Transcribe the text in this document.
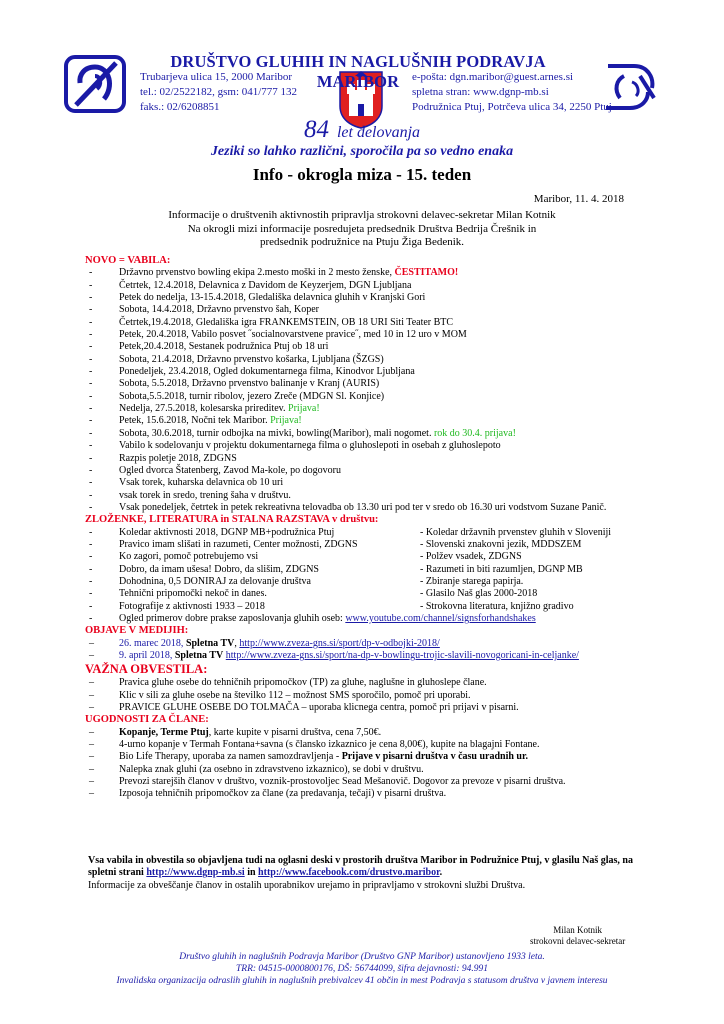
DRUŠTVO GLUHIH IN NAGLUŠNIH PODRAVJA MARIBOR
Trubarjeva ulica 15, 2000 Maribor
tel.: 02/2522182, gsm: 041/777 132
faks.: 02/6208851
e-pošta: dgn.maribor@guest.arnes.si
spletna stran: www.dgnp-mb.si
Podružnica Ptuj, Potrčeva ulica 34, 2250 Ptuj
84 let delovanja
Jeziki so lahko različni, sporočila pa so vedno enaka
Info - okrogla miza - 15. teden
Maribor, 11. 4. 2018
Informacije o društvenih aktivnostih pripravlja strokovni delavec-sekretar Milan Kotnik
Na okrogli mizi informacije posredujeta predsednik Društva Bedrija Črešnik in
predsednik podružnice na Ptuju Žiga Bedenik.
NOVO = VABILA:
- Državno prvenstvo bowling ekipa 2.mesto moški in 2 mesto ženske, ČESTITAMO!
- Četrtek, 12.4.2018, Delavnica z Davidom de Keyzerjem, DGN Ljubljana
- Petek do nedelja, 13-15.4.2018, Gledališka delavnica gluhih v Kranjski Gori
- Sobota, 14.4.2018, Državno prvenstvo šah, Koper
- Četrtek,19.4.2018, Gledališka igra FRANKEMSTEIN, OB 18 URI Siti Teater BTC
- Petek, 20.4.2018, Vabilo posvet ˝socialnovarstvene pravice˝, med 10 in 12 uro v MOM
- Petek,20.4.2018, Sestanek podružnica Ptuj ob 18 uri
- Sobota, 21.4.2018, Državno prvenstvo košarka, Ljubljana (ŠZGS)
- Ponedeljek, 23.4.2018, Ogled dokumentarnega filma, Kinodvor Ljubljana
- Sobota, 5.5.2018, Državno prvenstvo balinanje v Kranj (AURIS)
- Sobota,5.5.2018, turnir ribolov, jezero Zreče (MDGN Sl. Konjice)
- Nedelja, 27.5.2018, kolesarska prireditev. Prijava!
- Petek, 15.6.2018, Nočni tek Maribor. Prijava!
- Sobota, 30.6.2018, turnir odbojka na mivki, bowling(Maribor), mali nogomet. rok do 30.4. prijava!
- Vabilo k sodelovanju v projektu dokumentarnega filma o gluhoslepoti in osebah z gluhoslepoto
- Razpis poletje 2018, ZDGNS
- Ogled dvorca Štatenberg, Zavod Ma-kole, po dogovoru
- Vsak torek, kuharska delavnica ob 10 uri
- vsak torek in sredo, trening šaha v društvu.
- Vsak ponedeljek, četrtek in petek rekreativna telovadba ob 13.30 uri pod ter v sredo ob 16.30 uri vodstvom Suzane Panič.
ZLOŽENKE, LITERATURA in STALNA RAZSTAVA v društvu:
- Koledar aktivnosti 2018, DGNP MB+podružnica Ptuj	- Koledar državnih prvenstev gluhih v Sloveniji
- Pravico imam slišati in razumeti, Center možnosti, ZDGNS	- Slovenski znakovni jezik, MDDSZEM
- Ko zagori, pomoč potrebujemo vsi	- Polžev vsadek, ZDGNS
- Dobro, da imam ušesa! Dobro, da slišim, ZDGNS	- Razumeti in biti razumljen, DGNP MB
- Dohodnina, 0,5 DONIRAJ za delovanje društva	- Zbiranje starega papirja.
- Tehnični pripomočki nekoč in danes.	- Glasilo Naš glas 2000-2018
- Fotografije z aktivnosti 1933 – 2018	- Strokovna literatura, knjižno gradivo
- Ogled primerov dobre prakse zaposlovanja gluhih oseb: www.youtube.com/channel/signsforhandshakes
OBJAVE V MEDIJIH:
– 26. marec 2018, Spletna TV, http://www.zveza-gns.si/sport/dp-v-odbojki-2018/
– 9. april 2018, Spletna TV http://www.zveza-gns.si/sport/na-dp-v-bowlingu-trojic-slavili-novogoricani-in-celjanke/
VAŽNA OBVESTILA:
– Pravica gluhe osebe do tehničnih pripomočkov (TP) za gluhe, naglušne in gluhoslepe člane.
– Klic v sili za gluhe osebe na številko 112 – možnost SMS sporočilo, pomoč pri uporabi.
– PRAVICE GLUHE OSEBE DO TOLMAČA – uporaba klicnega centra, pomoč pri prijavi v pisarni.
UGODNOSTI ZA ČLANE:
– Kopanje, Terme Ptuj, karte kupite v pisarni društva, cena 7,50€.
– 4-urno kopanje v Termah Fontana+savna (s člansko izkaznico je cena 8,00€), kupite na blagajni Fontane.
– Bio Life Therapy, uporaba za namen samozdravljenja - Prijave v pisarni društva v času uradnih ur.
– Nalepka znak gluhi (za osebno in zdravstveno izkaznico), se dobi v društvu.
– Prevozi starejših članov v društvo, voznik-prostovoljec Sead Mešanovič. Dogovor za prevoze v pisarni društva.
– Izposoja tehničnih pripomočkov za člane (za predavanja, tečaji) v pisarni društva.
Vsa vabila in obvestila so objavljena tudi na oglasni deski v prostorih društva Maribor in Podružnice Ptuj, v glasilu Naš glas, na spletni strani http://www.dgnp-mb.si in http://www.facebook.com/drustvo.maribor.
Informacije za obveščanje članov in ostalih uporabnikov urejamo in pripravljamo v strokovni službi Društva.
Milan Kotnik
strokovni delavec-sekretar
Društvo gluhih in naglušnih Podravja Maribor (Društvo GNP Maribor) ustanovljeno 1933 leta.
TRR: 04515-0000800176, DŠ: 56744099, šifra dejavnosti: 94.991
Invalidska organizacija odraslih gluhih in naglušnih prebivalcev 41 občin in mest Podravja s statusom društva v javnem interesu
